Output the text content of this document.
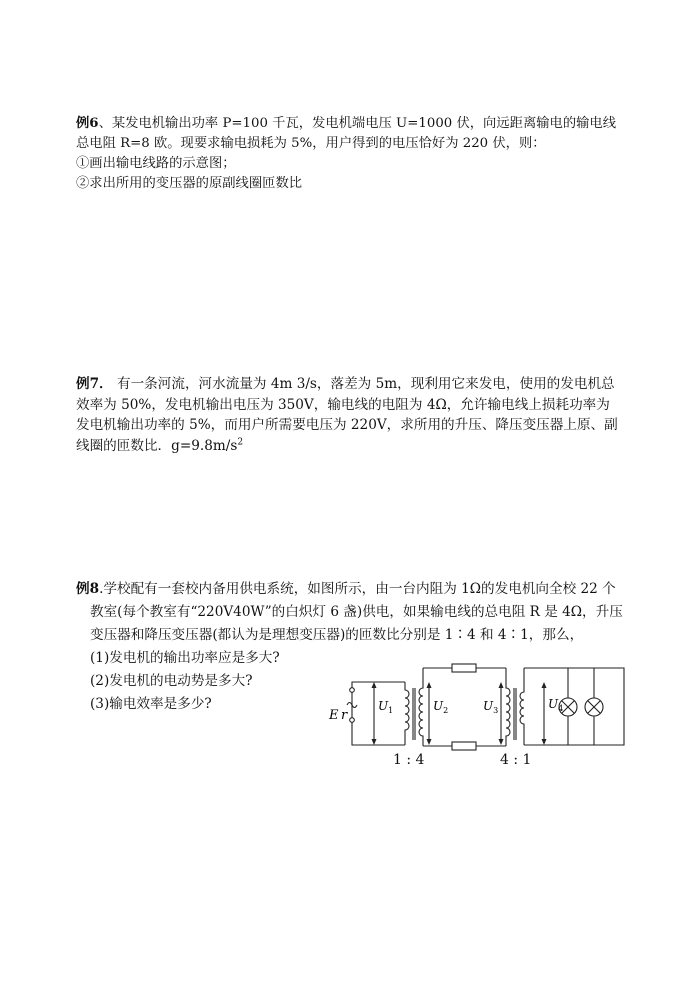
例6、某发电机输出功率 P=100 千瓦，发电机端电压 U=1000 伏，向远距离输电的输电线
总电阻 R=8 欧。现要求输电损耗为 5%，用户得到的电压恰好为 220 伏，则：
①画出输电线路的示意图；
②求出所用的变压器的原副线圈匝数比
例7． 有一条河流，河水流量为 4m 3/s，落差为 5m，现利用它来发电，使用的发电机总
效率为 50%，发电机输出电压为 350V，输电线的电阻为 4Ω，允许输电线上损耗功率为
发电机输出功率的 5%，而用户所需要电压为 220V，求所用的升压、降压变压器上原、副
线圈的匝数比．$g=9.8m/s^2$
例8.学校配有一套校内备用供电系统，如图所示，由一台内阻为 1Ω的发电机向全校 22 个
教室(每个教室有“220V40W”的白炽灯 6 盏)供电，如果输电线的总电阻 R 是 4Ω，升压
变压器和降压变压器(都认为是理想变压器)的匝数比分别是 1∶4 和 4∶1，那么，
(1)发电机的输出功率应是多大?
(2)发电机的电动势是多大?
(3)输电效率是多少?
E r
$U_1$	$U_2$	$U_3$	$U_4$
1 : 4	4 : 1
